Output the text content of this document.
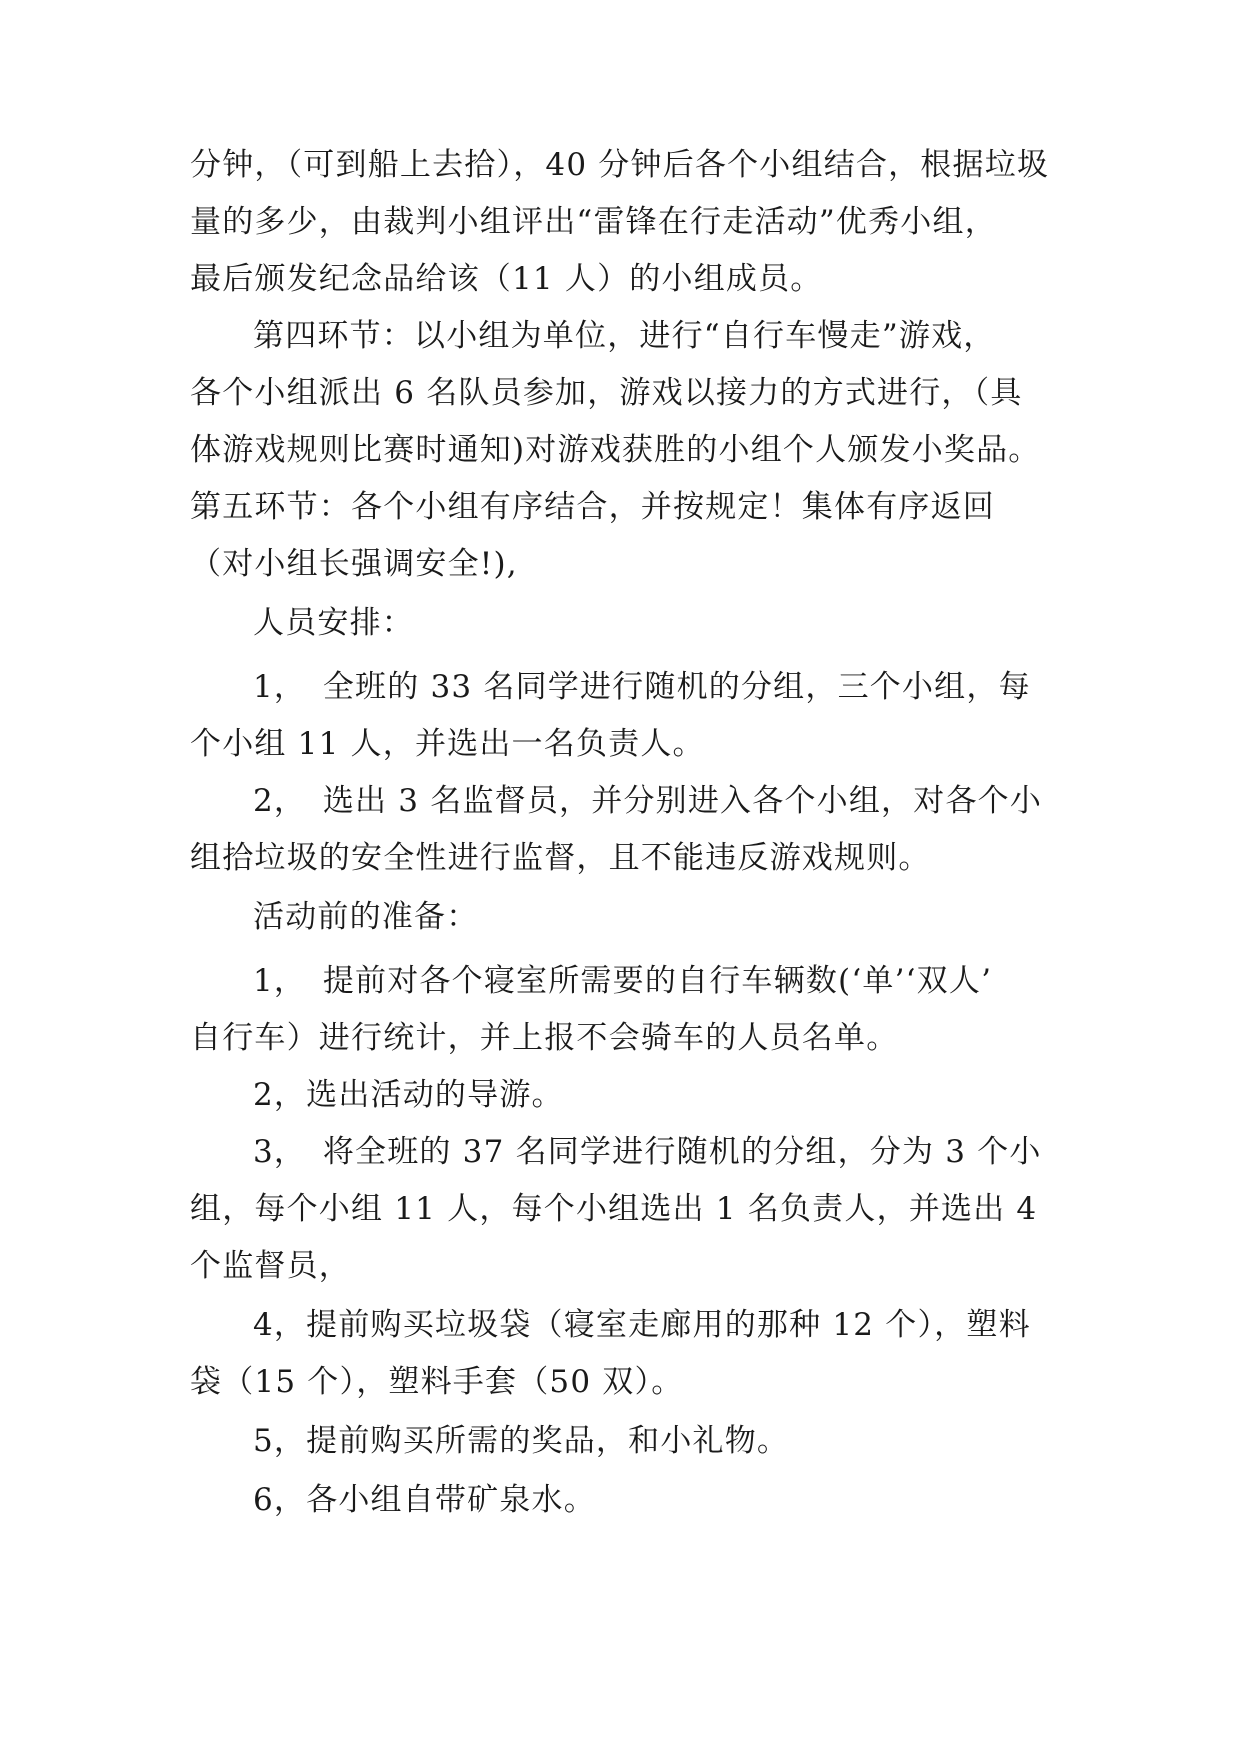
分钟，（可到船上去拾），40 分钟后各个小组结合，根据垃圾
量的多少，由裁判小组评出“雷锋在行走活动”优秀小组，
最后颁发纪念品给该（11 人）的小组成员。
第四环节：以小组为单位，进行“自行车慢走”游戏，
各个小组派出 6 名队员参加，游戏以接力的方式进行，（具
体游戏规则比赛时通知)对游戏获胜的小组个人颁发小奖品。
第五环节：各个小组有序结合，并按规定！集体有序返回
（对小组长强调安全!),
人员安排：
1，　全班的 33 名同学进行随机的分组，三个小组，每
个小组 11 人，并选出一名负责人。
2，　选出 3 名监督员，并分别进入各个小组，对各个小
组拾垃圾的安全性进行监督，且不能违反游戏规则。
活动前的准备：
1，　提前对各个寝室所需要的自行车辆数(‘单’‘双人’
自行车）进行统计，并上报不会骑车的人员名单。
2，选出活动的导游。
3，　将全班的 37 名同学进行随机的分组，分为 3 个小
组，每个小组 11 人，每个小组选出 1 名负责人，并选出 4
个监督员，
4，提前购买垃圾袋（寝室走廊用的那种 12 个），塑料
袋（15 个），塑料手套（50 双）。
5，提前购买所需的奖品，和小礼物。
6，各小组自带矿泉水。
